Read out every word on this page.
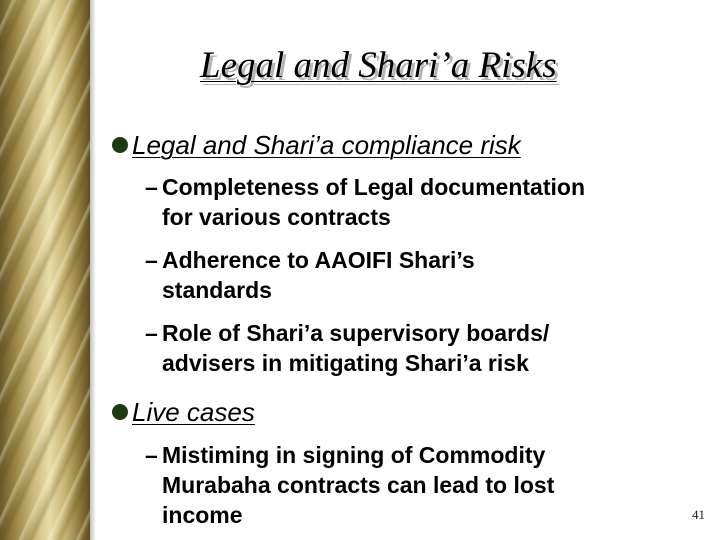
Legal and Shari’a Risks
Legal and Shari’a compliance risk
– Completeness of Legal documentation
for various contracts
– Adherence to AAOIFI Shari’s
standards
– Role of Shari’a supervisory boards/
advisers in mitigating Shari’a risk
Live cases
– Mistiming in signing of Commodity
Murabaha contracts can lead to lost
income	41
